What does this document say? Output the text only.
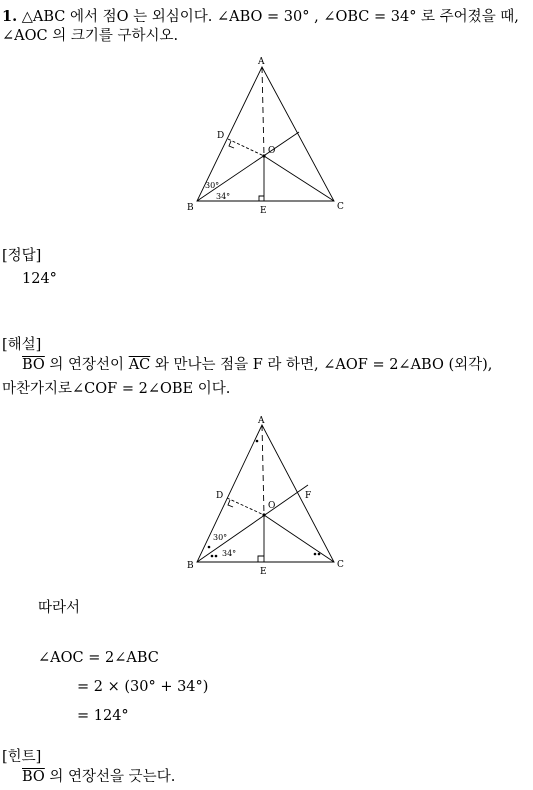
1. △ABC 에서 점O 는 외심이다. ∠ABO = 30° , ∠OBC = 34° 로 주어졌을 때,
∠AOC 의 크기를 구하시오.
A
B	C
D
E
O
30°
34°
[정답]
124°
[해설]
$\overline{BO}$ 의 연장선이 $\overline{AC}$ 와 만나는 점을 F 라 하면, ∠AOF = 2∠ABO (외각),
마찬가지로∠COF = 2∠OBE 이다.
A
B	C
D
E
O
F
30°
34°
따라서
∠AOC = 2∠ABC
= 2 × (30° + 34°)
= 124°
[힌트]
$\overline{BO}$ 의 연장선을 긋는다.
